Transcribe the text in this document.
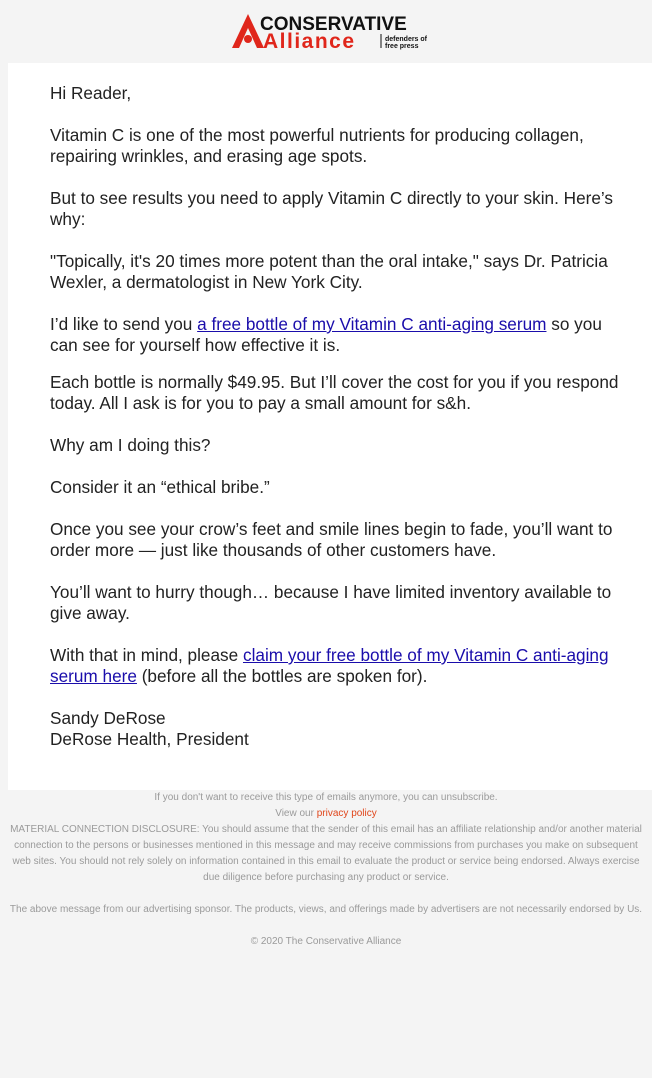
CONSERVATIVE
Alliance	defenders of
free press

Hi Reader,

Vitamin C is one of the most powerful nutrients for producing collagen, repairing wrinkles, and erasing age spots.

But to see results you need to apply Vitamin C directly to your skin. Here’s why:

"Topically, it's 20 times more potent than the oral intake," says Dr. Patricia Wexler, a dermatologist in New York City.

I’d like to send you a free bottle of my Vitamin C anti-aging serum so you can see for yourself how effective it is.

Each bottle is normally $49.95. But I’ll cover the cost for you if you respond today. All I ask is for you to pay a small amount for s&h.

Why am I doing this?

Consider it an “ethical bribe.”

Once you see your crow’s feet and smile lines begin to fade, you’ll want to order more — just like thousands of other customers have.

You’ll want to hurry though… because I have limited inventory available to give away.

With that in mind, please claim your free bottle of my Vitamin C anti-aging serum here (before all the bottles are spoken for).

Sandy DeRose

DeRose Health, President

If you don't want to receive this type of emails anymore, you can unsubscribe.

View our privacy policy

MATERIAL CONNECTION DISCLOSURE: You should assume that the sender of this email has an affiliate relationship and/or another material connection to the persons or businesses mentioned in this message and may receive commissions from purchases you make on subsequent web sites. You should not rely solely on information contained in this email to evaluate the product or service being endorsed. Always exercise due diligence before purchasing any product or service.

The above message from our advertising sponsor. The products, views, and offerings made by advertisers are not necessarily endorsed by Us.

© 2020 The Conservative Alliance
